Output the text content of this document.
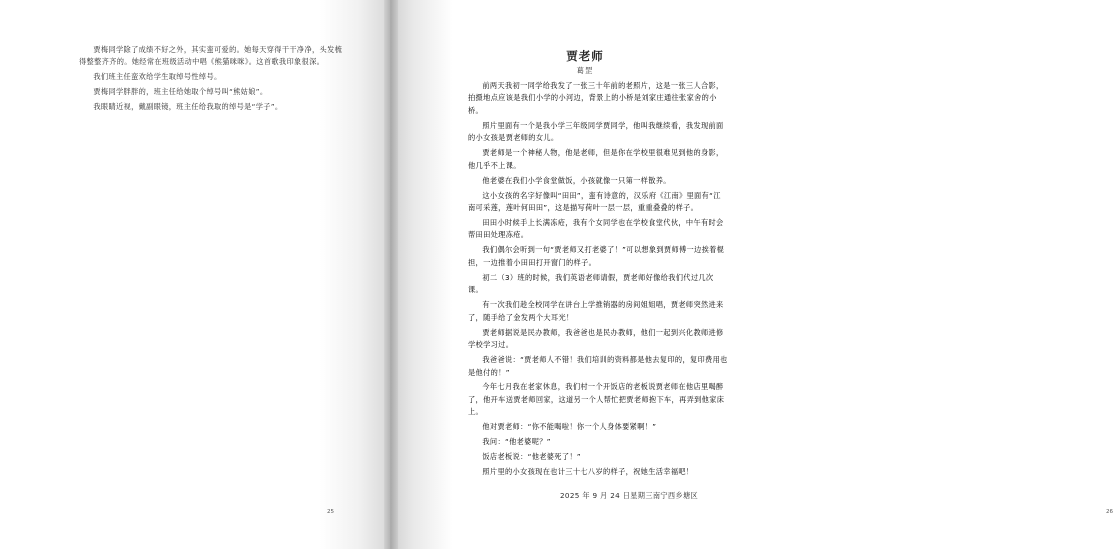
贾梅同学除了成绩不好之外，其实蛮可爱的。她每天穿得干干净净，头发梳得整整齐齐的。她经常在班级活动中唱《熊猫咪咪》。这首歌我印象很深。

我们班主任蛮欢给学生取绰号性绰号。

贾梅同学胖胖的，班主任给她取个绰号叫“熊姑娘”。

我眼睛近视，戴副眼镜，班主任给我取的绰号是“学子”。

25	26
贾老师
葛罡

前两天我初一同学给我发了一张三十年前的老照片，这是一张三人合影，拍摄地点应该是我们小学的小河边，背景上的小桥是刘家庄通往张家舍的小桥。

照片里面有一个是我小学三年级同学贾同学，他叫我继续看，我发现前面的小女孩是贾老师的女儿。

贾老师是一个神秘人物，他是老师，但是你在学校里很难见到他的身影，他几乎不上课。

他老婆在我们小学食堂做饭，小孩就像一只第一样散养。

这小女孩的名字好像叫“田田”，蛮有诗意的，汉乐府《江南》里面有“江南可采莲，莲叶何田田”，这是描写荷叶一层一层，重重叠叠的样子。

田田小时候手上长满冻疮，我有个女同学也在学校食堂代伙，中午有时会帮田田处理冻疮。

我们偶尔会听到一句“贾老师又打老婆了！”可以想象到贾师傅一边挨着棍担，一边推着小田田打开窗门的样子。

初二（3）班的时候，我们英语老师请假，贾老师好像给我们代过几次课。

有一次我们趁全校同学在讲台上学推销器的房间姐姐唱，贾老师突然进来了，随手给了金发两个大耳光！

贾老师据说是民办教师，我爸爸也是民办教师，他们一起到兴化教师进修学校学习过。

我爸爸说：“贾老师人不错！我们培训的资料都是他去复印的，复印费用也是他付的！”

今年七月我在老家休息，我们村一个开饭店的老板说贾老师在他店里喝醉了，他开车送贾老师回家，这道另一个人帮忙把贾老师抱下车，再弄到他家床上。

他对贾老师：“你不能喝啦！你一个人身体要紧啊！”

我问：“他老婆呢？”

饭店老板说：“他老婆死了！”

照片里的小女孩现在也计三十七八岁的样子，祝她生活幸福吧！

2025 年 9 月 24 日星期三南宁西乡塘区
